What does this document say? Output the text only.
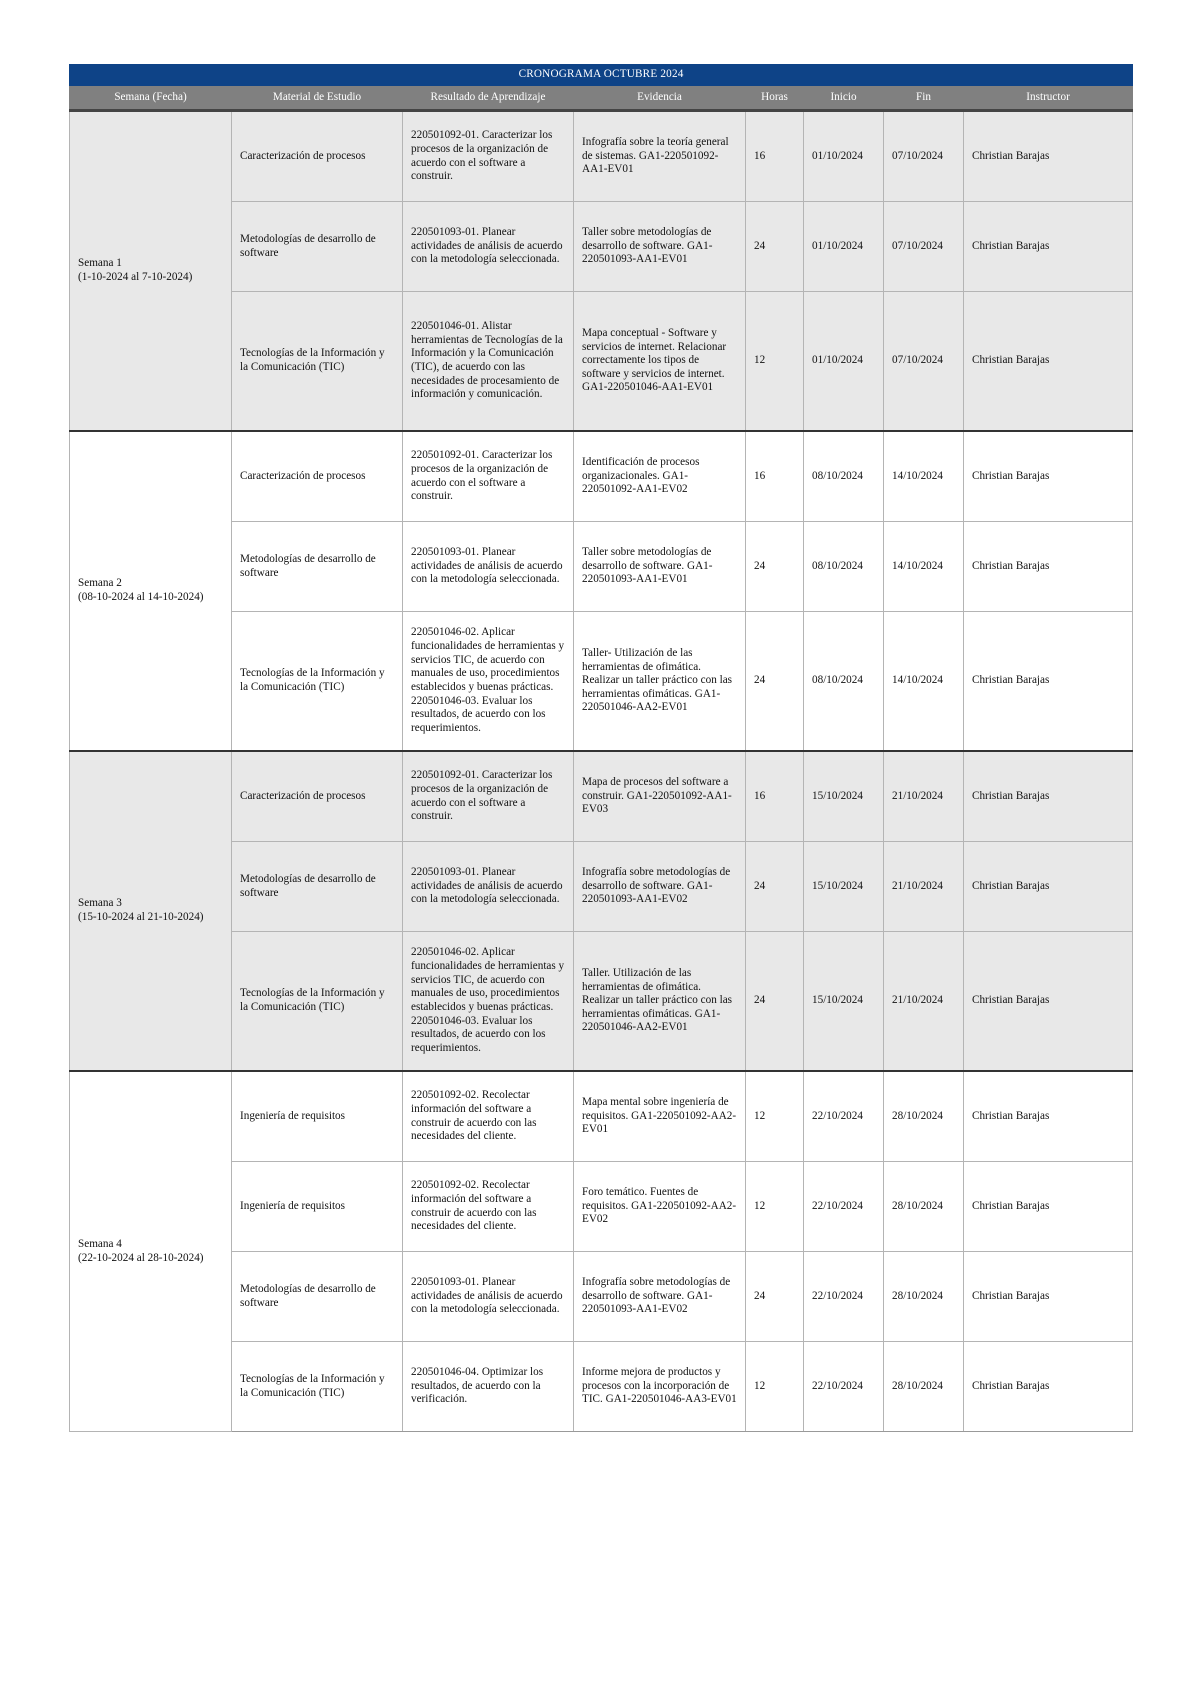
CRONOGRAMA OCTUBRE 2024							
Semana (Fecha)	Material de Estudio	Resultado de Aprendizaje	Evidencia	Horas	Inicio	Fin	Instructor
Semana 1
(1-10-2024 al 7-10-2024)	Caracterización de procesos	220501092-01. Caracterizar los procesos de la organización de acuerdo con el software a construir.	Infografía sobre la teoría general de sistemas. GA1-220501092-AA1-EV01	16	01/10/2024	07/10/2024	Christian Barajas
	Metodologías de desarrollo de software	220501093-01. Planear actividades de análisis de acuerdo con la metodología seleccionada.	Taller sobre metodologías de desarrollo de software. GA1-220501093-AA1-EV01	24	01/10/2024	07/10/2024	Christian Barajas
	Tecnologías de la Información y la Comunicación (TIC)	220501046-01. Alistar herramientas de Tecnologías de la Información y la Comunicación (TIC), de acuerdo con las necesidades de procesamiento de información y comunicación.	Mapa conceptual - Software y servicios de internet. Relacionar correctamente los tipos de software y servicios de internet. GA1-220501046-AA1-EV01	12	01/10/2024	07/10/2024	Christian Barajas
Semana 2
(08-10-2024 al 14-10-2024)	Caracterización de procesos	220501092-01. Caracterizar los procesos de la organización de acuerdo con el software a construir.	Identificación de procesos organizacionales. GA1-220501092-AA1-EV02	16	08/10/2024	14/10/2024	Christian Barajas
	Metodologías de desarrollo de software	220501093-01. Planear actividades de análisis de acuerdo con la metodología seleccionada.	Taller sobre metodologías de desarrollo de software. GA1-220501093-AA1-EV01	24	08/10/2024	14/10/2024	Christian Barajas
	Tecnologías de la Información y la Comunicación (TIC)	220501046-02. Aplicar funcionalidades de herramientas y servicios TIC, de acuerdo con manuales de uso, procedimientos establecidos y buenas prácticas. 220501046-03. Evaluar los resultados, de acuerdo con los requerimientos.	Taller- Utilización de las herramientas de ofimática. Realizar un taller práctico con las herramientas ofimáticas. GA1-220501046-AA2-EV01	24	08/10/2024	14/10/2024	Christian Barajas
Semana 3
(15-10-2024 al 21-10-2024)	Caracterización de procesos	220501092-01. Caracterizar los procesos de la organización de acuerdo con el software a construir.	Mapa de procesos del software a construir. GA1-220501092-AA1-EV03	16	15/10/2024	21/10/2024	Christian Barajas
	Metodologías de desarrollo de software	220501093-01. Planear actividades de análisis de acuerdo con la metodología seleccionada.	Infografía sobre metodologías de desarrollo de software. GA1-220501093-AA1-EV02	24	15/10/2024	21/10/2024	Christian Barajas
	Tecnologías de la Información y la Comunicación (TIC)	220501046-02. Aplicar funcionalidades de herramientas y servicios TIC, de acuerdo con manuales de uso, procedimientos establecidos y buenas prácticas. 220501046-03. Evaluar los resultados, de acuerdo con los requerimientos.	Taller. Utilización de las herramientas de ofimática. Realizar un taller práctico con las herramientas ofimáticas. GA1-220501046-AA2-EV01	24	15/10/2024	21/10/2024	Christian Barajas
Semana 4
(22-10-2024 al 28-10-2024)	Ingeniería de requisitos	220501092-02. Recolectar información del software a construir de acuerdo con las necesidades del cliente.	Mapa mental sobre ingeniería de requisitos. GA1-220501092-AA2-EV01	12	22/10/2024	28/10/2024	Christian Barajas
	Ingeniería de requisitos	220501092-02. Recolectar información del software a construir de acuerdo con las necesidades del cliente.	Foro temático. Fuentes de requisitos. GA1-220501092-AA2-EV02	12	22/10/2024	28/10/2024	Christian Barajas
	Metodologías de desarrollo de software	220501093-01. Planear actividades de análisis de acuerdo con la metodología seleccionada.	Infografía sobre metodologías de desarrollo de software. GA1-220501093-AA1-EV02	24	22/10/2024	28/10/2024	Christian Barajas
	Tecnologías de la Información y la Comunicación (TIC)	220501046-04. Optimizar los resultados, de acuerdo con la verificación.	Informe mejora de productos y procesos con la incorporación de TIC. GA1-220501046-AA3-EV01	12	22/10/2024	28/10/2024	Christian Barajas
